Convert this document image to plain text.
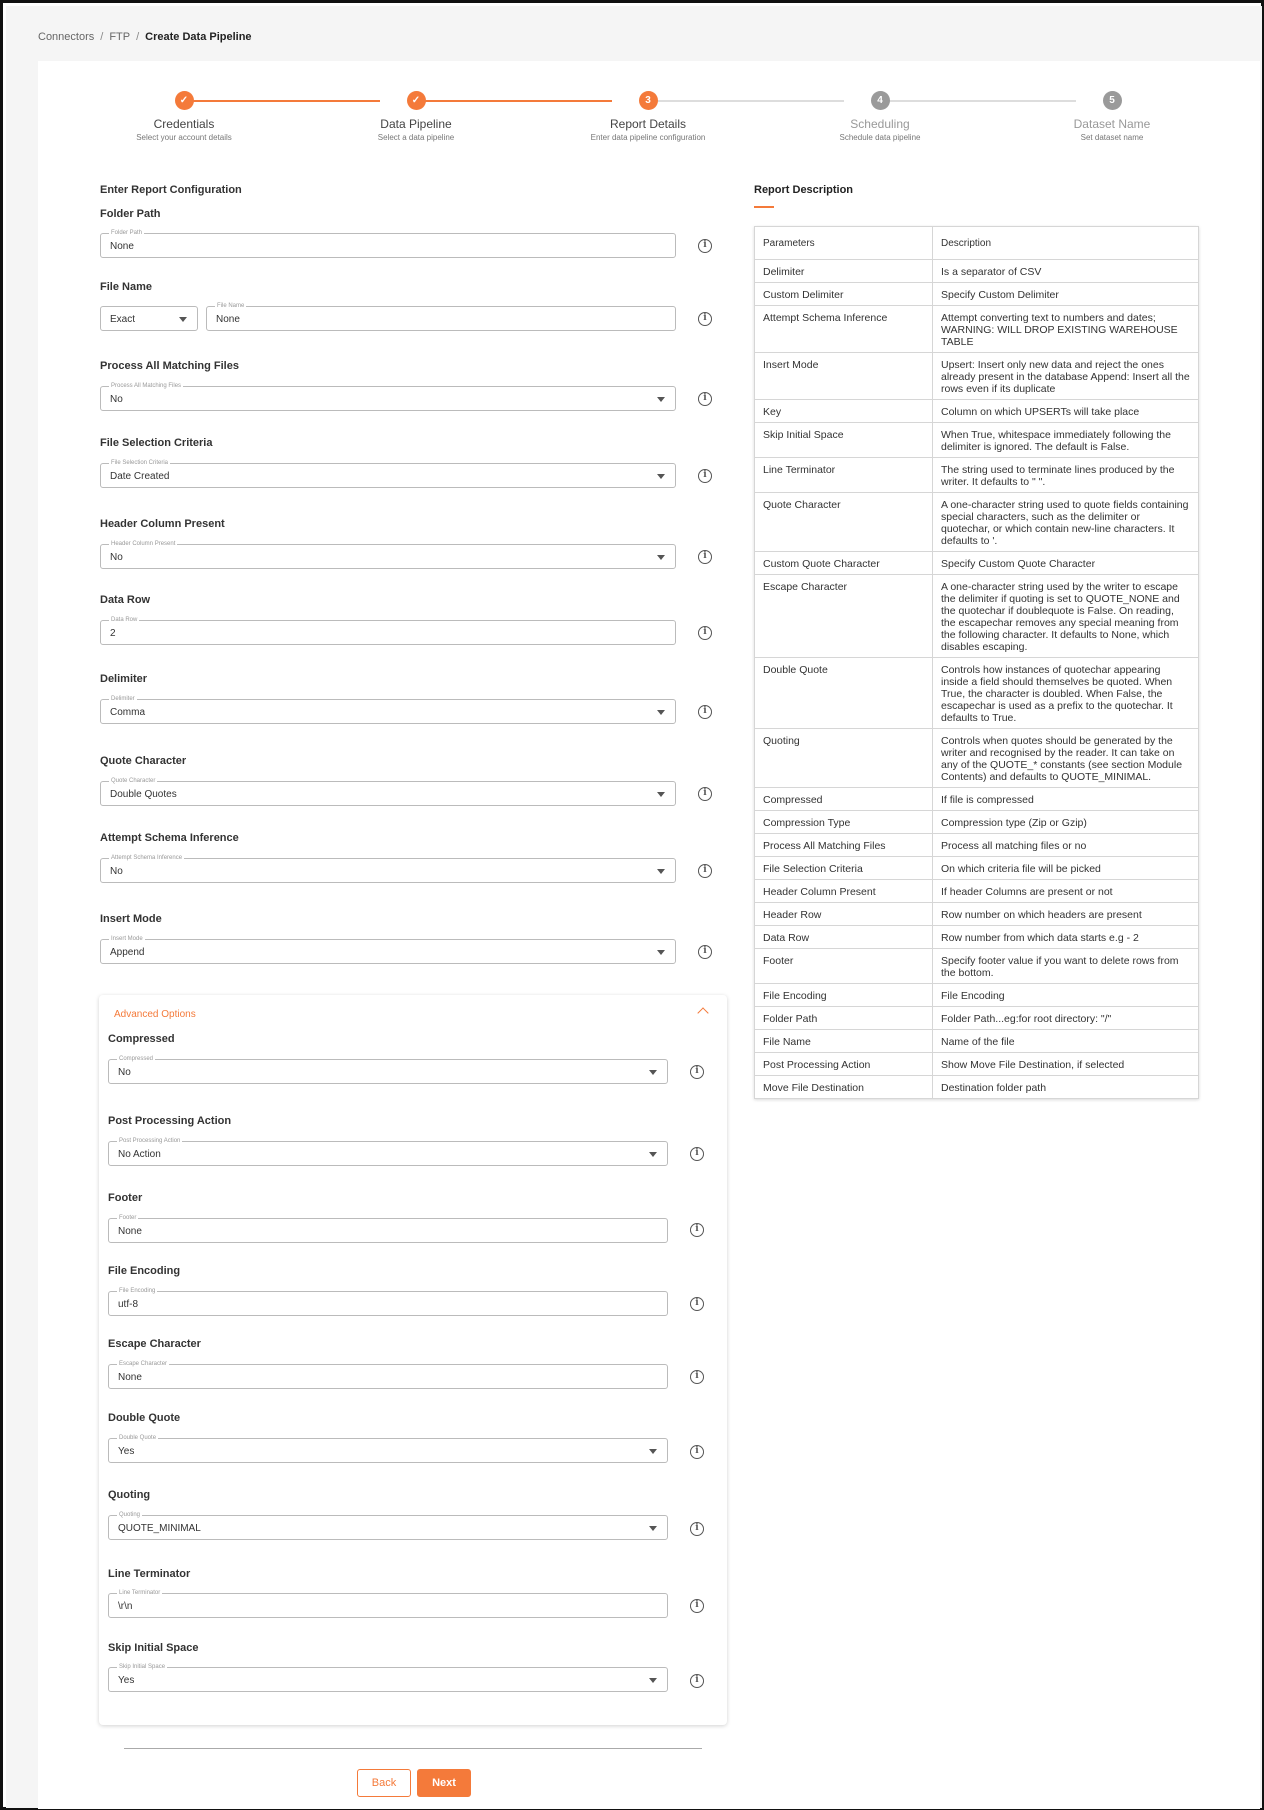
Connectors / FTP / Create Data Pipeline
✓
Credentials
Select your account details
✓
Data Pipeline
Select a data pipeline
3
Report Details
Enter data pipeline configuration
4
Scheduling
Schedule data pipeline
5
Dataset Name
Set dataset name
Enter Report Configuration
Folder Path
Folder Path
None	i
File Name
Exact
File Name
None	i
Process All Matching Files
Process All Matching Files
No	i
File Selection Criteria
File Selection Criteria
Date Created	i
Header Column Present
Header Column Present
No	i
Data Row
Data Row
2	i
Delimiter
Delimiter
Comma	i
Quote Character
Quote Character
Double Quotes	i
Attempt Schema Inference
Attempt Schema Inference
No	i
Insert Mode
Insert Mode
Append	i
Advanced Options
Compressed
Compressed
No	i
Post Processing Action
Post Processing Action
No Action	i
Footer
Footer
None	i
File Encoding
File Encoding
utf-8	i
Escape Character
Escape Character
None	i
Double Quote
Double Quote
Yes	i
Quoting
Quoting
QUOTE_MINIMAL	i
Line Terminator
Line Terminator
\r\n	i
Skip Initial Space
Skip Initial Space
Yes	i
Back	Next
Report Description
Parameters	Description
Delimiter	Is a separator of CSV
Custom Delimiter	Specify Custom Delimiter
Attempt Schema Inference	Attempt converting text to numbers and dates; WARNING: WILL DROP EXISTING WAREHOUSE TABLE
Insert Mode	Upsert: Insert only new data and reject the ones already present in the database Append: Insert all the rows even if its duplicate
Key	Column on which UPSERTs will take place
Skip Initial Space	When True, whitespace immediately following the delimiter is ignored. The default is False.
Line Terminator	The string used to terminate lines produced by the writer. It defaults to " ".
Quote Character	A one-character string used to quote fields containing special characters, such as the delimiter or quotechar, or which contain new-line characters. It defaults to '.
Custom Quote Character	Specify Custom Quote Character
Escape Character	A one-character string used by the writer to escape the delimiter if quoting is set to QUOTE_NONE and the quotechar if doublequote is False. On reading, the escapechar removes any special meaning from the following character. It defaults to None, which disables escaping.
Double Quote	Controls how instances of quotechar appearing inside a field should themselves be quoted. When True, the character is doubled. When False, the escapechar is used as a prefix to the quotechar. It defaults to True.
Quoting	Controls when quotes should be generated by the writer and recognised by the reader. It can take on any of the QUOTE_* constants (see section Module Contents) and defaults to QUOTE_MINIMAL.
Compressed	If file is compressed
Compression Type	Compression type (Zip or Gzip)
Process All Matching Files	Process all matching files or no
File Selection Criteria	On which criteria file will be picked
Header Column Present	If header Columns are present or not
Header Row	Row number on which headers are present
Data Row	Row number from which data starts e.g - 2
Footer	Specify footer value if you want to delete rows from the bottom.
File Encoding	File Encoding
Folder Path	Folder Path...eg:for root directory: "/"
File Name	Name of the file
Post Processing Action	Show Move File Destination, if selected
Move File Destination	Destination folder path
